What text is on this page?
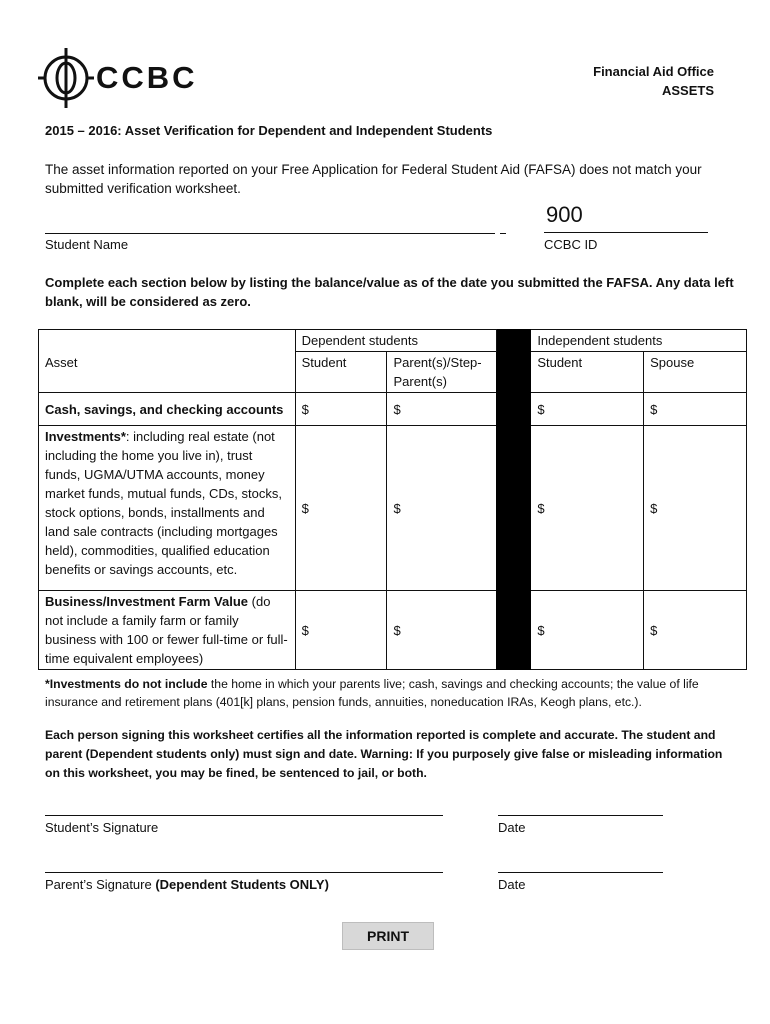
CCBC	Financial Aid Office
ASSETS
2015 – 2016: Asset Verification for Dependent and Independent Students
The asset information reported on your Free Application for Federal Student Aid (FAFSA) does not match your submitted verification worksheet.
Student Name
900
CCBC ID
Complete each section below by listing the balance/value as of the date you submitted the FAFSA. Any data left blank, will be considered as zero.
	Dependent students			Independent students	
Asset	Student	Parent(s)/Step-Parent(s)		Student	Spouse
Cash, savings, and checking accounts	$	$		$	$
Investments*: including real estate (not including the home you live in), trust funds, UGMA/UTMA accounts, money market funds, mutual funds, CDs, stocks, stock options, bonds, installments and land sale contracts (including mortgages held), commodities, qualified education benefits or savings accounts, etc.	$	$		$	$
Business/Investment Farm Value (do not include a family farm or family business with 100 or fewer full-time or full-time equivalent employees)	$	$		$	$
*Investments do not include the home in which your parents live; cash, savings and checking accounts; the value of life insurance and retirement plans (401[k] plans, pension funds, annuities, noneducation IRAs, Keogh plans, etc.).
Each person signing this worksheet certifies all the information reported is complete and accurate. The student and parent (Dependent students only) must sign and date. Warning: If you purposely give false or misleading information on this worksheet, you may be fined, be sentenced to jail, or both.
Student’s Signature	Date
Parent’s Signature (Dependent Students ONLY)	Date
PRINT
